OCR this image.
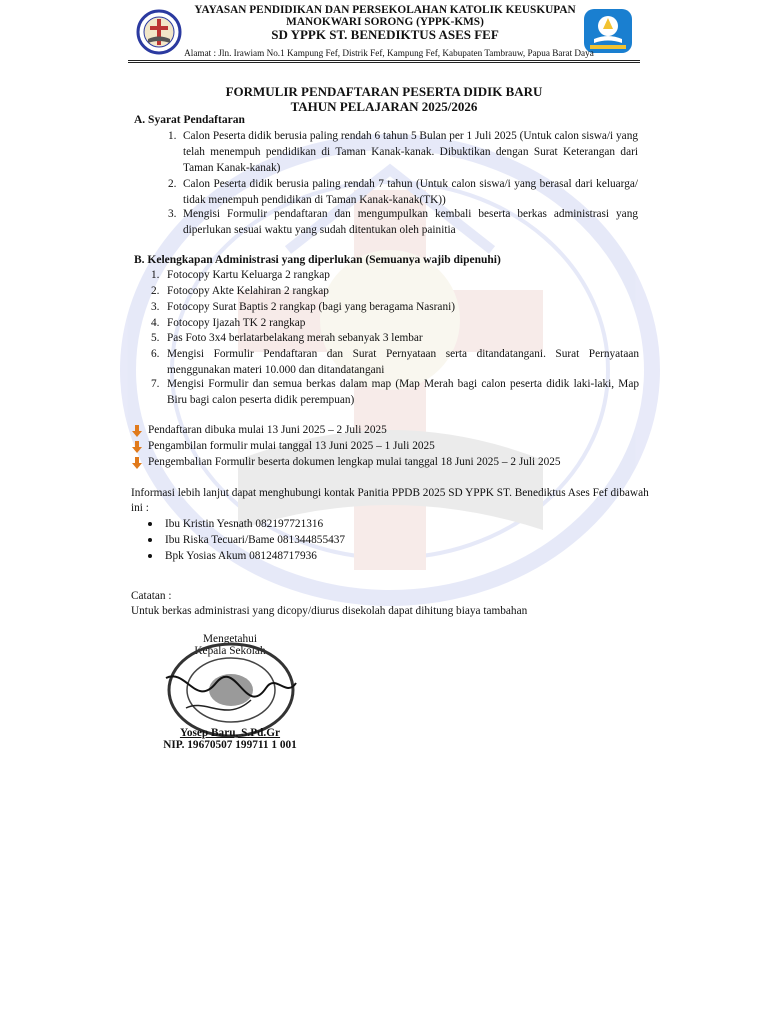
YAYASAN PENDIDIKAN DAN PERSEKOLAHAN KATOLIK KEUSKUPAN
MANOKWARI SORONG (YPPK-KMS)
SD YPPK ST. BENEDIKTUS ASES FEF
Alamat : Jln. Irawiam No.1 Kampung Fef, Distrik Fef, Kampung Fef, Kabupaten Tambrauw, Papua Barat Daya
FORMULIR PENDAFTARAN PESERTA DIDIK BARU
TAHUN PELAJARAN 2025/2026
A. Syarat Pendaftaran
1. Calon Peserta didik berusia paling rendah 6 tahun 5 Bulan per 1 Juli 2025 (Untuk calon siswa/i yang telah menempuh pendidikan di Taman Kanak-kanak. Dibuktikan dengan Surat Keterangan dari Taman Kanak-kanak)
2. Calon Peserta didik berusia paling rendah 7 tahun (Untuk calon siswa/i yang berasal dari keluarga/ tidak menempuh pendidikan di Taman Kanak-kanak(TK))
3. Mengisi Formulir pendaftaran dan mengumpulkan kembali beserta berkas administrasi yang diperlukan sesuai waktu yang sudah ditentukan oleh painitia
B. Kelengkapan Administrasi yang diperlukan (Semuanya wajib dipenuhi)
1. Fotocopy Kartu Keluarga 2 rangkap
2. Fotocopy Akte Kelahiran 2 rangkap
3. Fotocopy Surat Baptis 2 rangkap (bagi yang beragama Nasrani)
4. Fotocopy Ijazah TK 2 rangkap
5. Pas Foto 3x4 berlatarbelakang merah sebanyak 3 lembar
6. Mengisi Formulir Pendaftaran dan Surat Pernyataan serta ditandatangani. Surat Pernyataan menggunakan materi 10.000 dan ditandatangani
7. Mengisi Formulir dan semua berkas dalam map (Map Merah bagi calon peserta didik laki-laki, Map Biru bagi calon peserta didik perempuan)
Pendaftaran dibuka mulai 13 Juni 2025 – 2 Juli 2025
Pengambilan formulir mulai tanggal 13 Juni 2025 – 1 Juli 2025
Pengembalian Formulir beserta dokumen lengkap mulai tanggal 18 Juni 2025 – 2 Juli 2025
Informasi lebih lanjut dapat menghubungi kontak Panitia PPDB 2025 SD YPPK ST. Benediktus Ases Fef dibawah
ini :
Ibu Kristin Yesnath 082197721316
Ibu Riska Tecuari/Bame 081344855437
Bpk Yosias Akum 081248717936
Catatan :
Untuk berkas administrasi yang dicopy/diurus disekolah dapat dihitung biaya tambahan
Mengetahui
Kepala Sekolah
Yosep Baru, S.Pd.Gr
NIP. 19670507 199711 1 001
